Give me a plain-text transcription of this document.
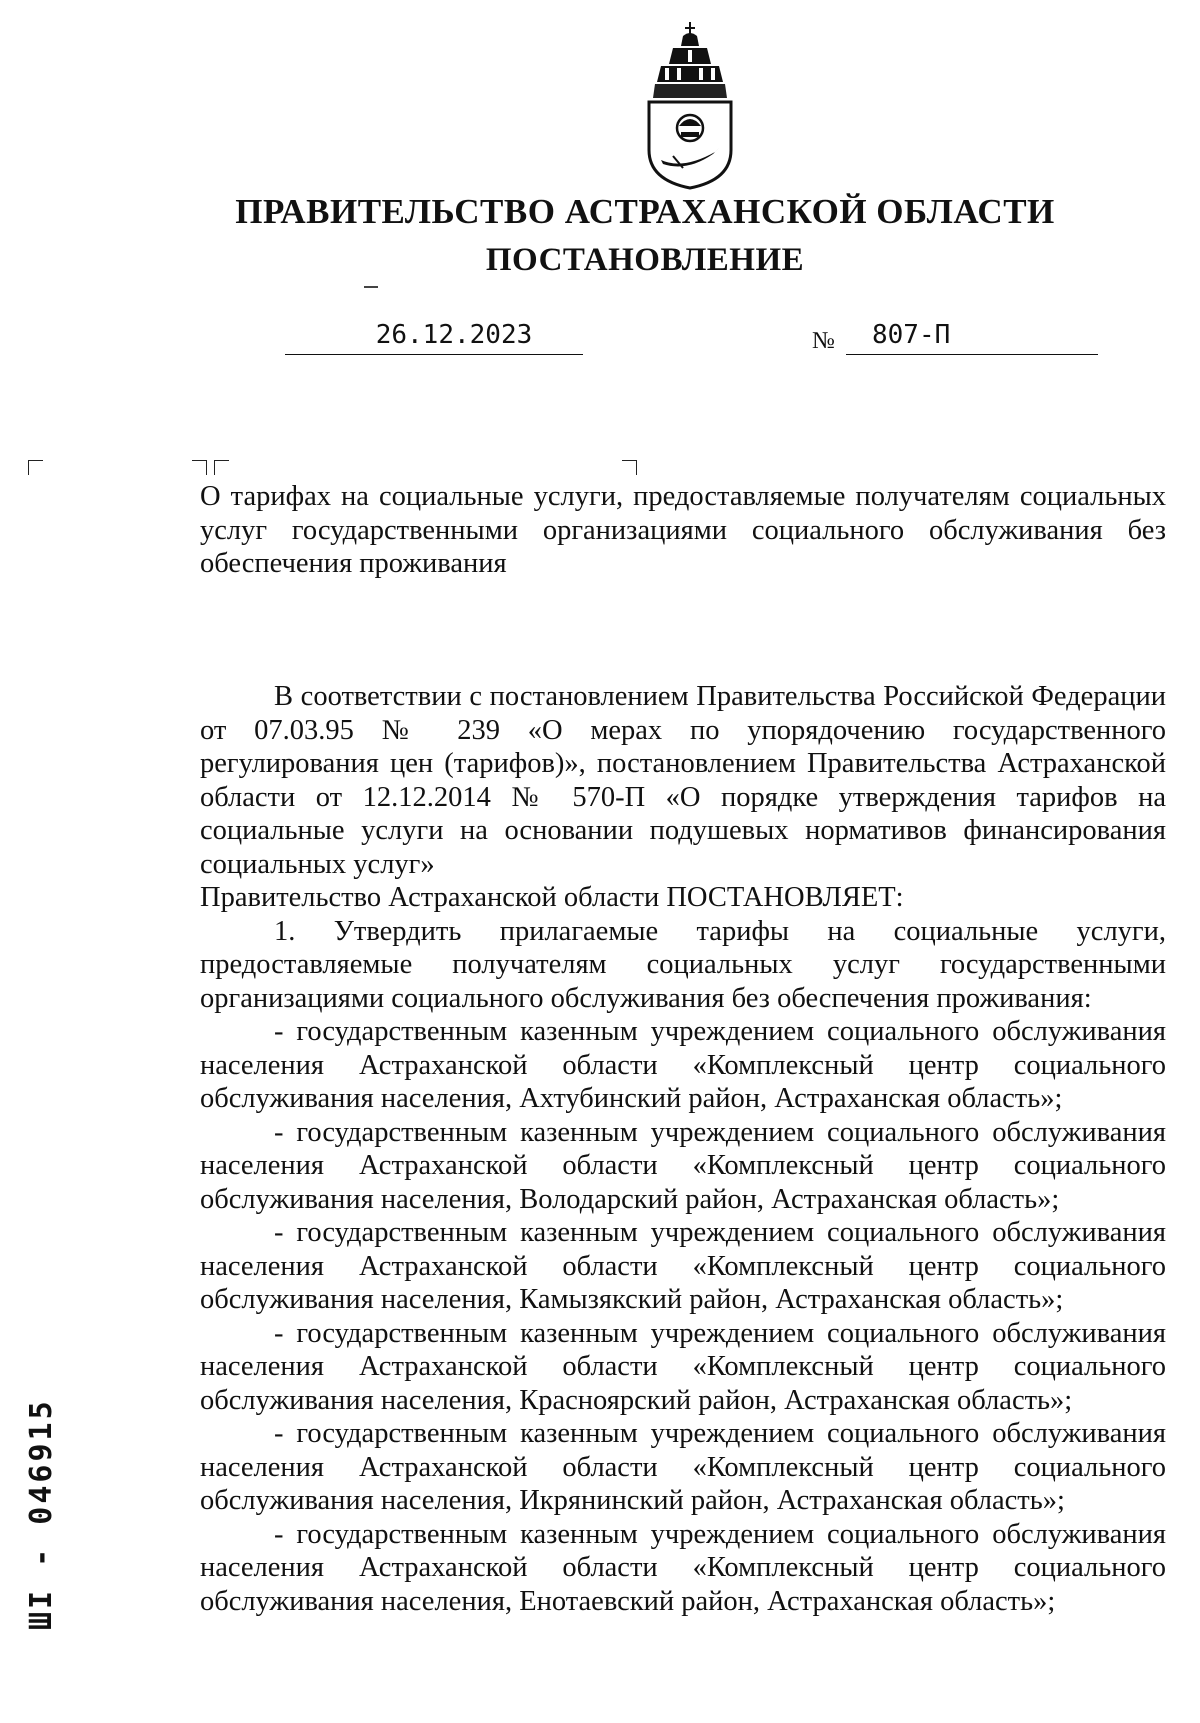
ПРАВИТЕЛЬСТВО АСТРАХАНСКОЙ ОБЛАСТИ
ПОСТАНОВЛЕНИЕ
26.12.2023	№	807-П

О тарифах на социальные услуги, предоставляемые получателям социальных услуг государственными организациями социального обслуживания без обеспечения проживания

В соответствии с постановлением Правительства Российской Федерации от 07.03.95 № 239 «О мерах по упорядочению государственного регулирования цен (тарифов)», постановлением Правительства Астраханской области от 12.12.2014 № 570-П «О порядке утверждения тарифов на социальные услуги на основании подушевых нормативов финансирования социальных услуг»

Правительство Астраханской области ПОСТАНОВЛЯЕТ:

1. Утвердить прилагаемые тарифы на социальные услуги, предоставляемые получателям социальных услуг государственными организациями социального обслуживания без обеспечения проживания:

- государственным казенным учреждением социального обслуживания населения Астраханской области «Комплексный центр социального обслуживания населения, Ахтубинский район, Астраханская область»;
- государственным казенным учреждением социального обслуживания населения Астраханской области «Комплексный центр социального обслуживания населения, Володарский район, Астраханская область»;
- государственным казенным учреждением социального обслуживания населения Астраханской области «Комплексный центр социального обслуживания населения, Камызякский район, Астраханская область»;
- государственным казенным учреждением социального обслуживания населения Астраханской области «Комплексный центр социального обслуживания населения, Красноярский район, Астраханская область»;
- государственным казенным учреждением социального обслуживания населения Астраханской области «Комплексный центр социального обслуживания населения, Икрянинский район, Астраханская область»;
- государственным казенным учреждением социального обслуживания населения Астраханской области «Комплексный центр социального обслуживания населения, Енотаевский район, Астраханская область»;
ШI - 046915
